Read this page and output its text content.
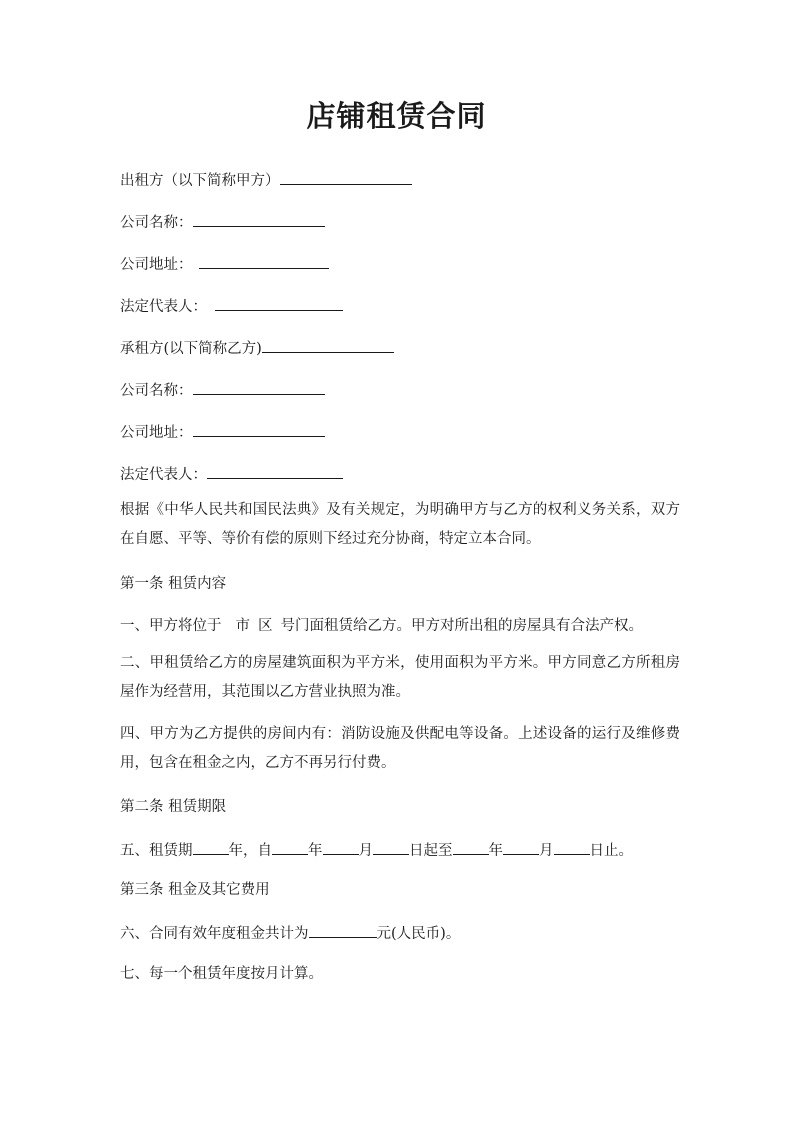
店铺租赁合同

出租方（以下简称甲方）

公司名称：

公司地址：

法定代表人：

承租方(以下简称乙方)

公司名称：

公司地址：

法定代表人：

根据《中华人民共和国民法典》及有关规定，为明确甲方与乙方的权利义务关系，双方在自愿、平等、等价有偿的原则下经过充分协商，特定立本合同。

第一条 租赁内容

一、甲方将位于 市 区 号门面租赁给乙方。甲方对所出租的房屋具有合法产权。

二、甲租赁给乙方的房屋建筑面积为平方米，使用面积为平方米。甲方同意乙方所租房屋作为经营用，其范围以乙方营业执照为准。

四、甲方为乙方提供的房间内有：消防设施及供配电等设备。上述设备的运行及维修费用，包含在租金之内，乙方不再另行付费。

第二条 租赁期限

五、租赁期 年，自 年 月 日起至 年 月 日止。

第三条 租金及其它费用

六、合同有效年度租金共计为	元(人民币)。

七、每一个租赁年度按月计算。
